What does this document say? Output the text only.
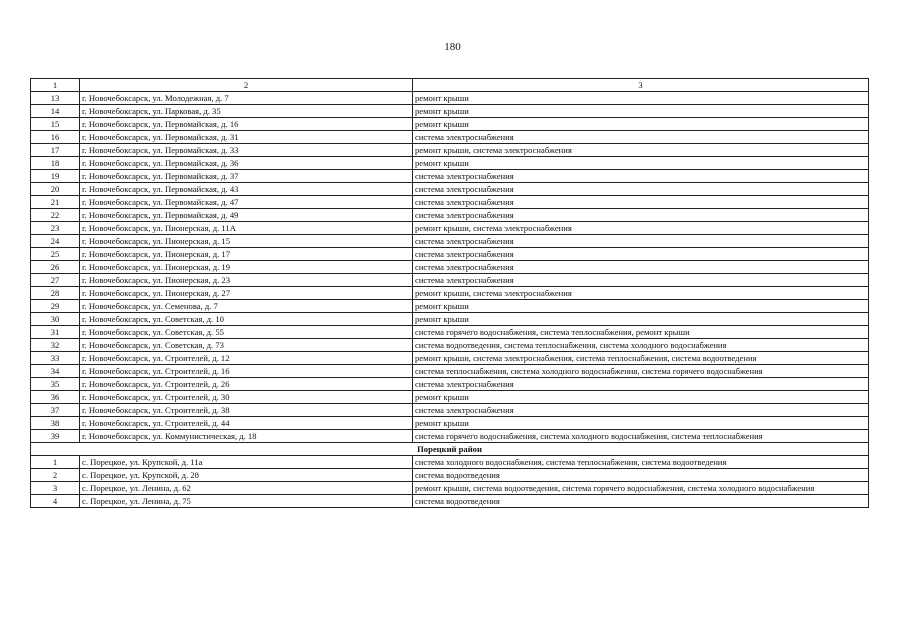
180
1	2	3
13	г. Новочебоксарск, ул. Молодежная, д. 7	ремонт крыши
14	г. Новочебоксарск, ул. Парковая, д. 35	ремонт крыши
15	г. Новочебоксарск, ул. Первомайская, д. 16	ремонт крыши
16	г. Новочебоксарск, ул. Первомайская, д. 31	система электроснабжения
17	г. Новочебоксарск, ул. Первомайская, д. 33	ремонт крыши, система электроснабжения
18	г. Новочебоксарск, ул. Первомайская, д. 36	ремонт крыши
19	г. Новочебоксарск, ул. Первомайская, д. 37	система электроснабжения
20	г. Новочебоксарск, ул. Первомайская, д. 43	система электроснабжения
21	г. Новочебоксарск, ул. Первомайская, д. 47	система электроснабжения
22	г. Новочебоксарск, ул. Первомайская, д. 49	система электроснабжения
23	г. Новочебоксарск, ул. Пионерская, д. 11А	ремонт крыши, система электроснабжения
24	г. Новочебоксарск, ул. Пионерская, д. 15	система электроснабжения
25	г. Новочебоксарск, ул. Пионерская, д. 17	система электроснабжения
26	г. Новочебоксарск, ул. Пионерская, д. 19	система электроснабжения
27	г. Новочебоксарск, ул. Пионерская, д. 23	система электроснабжения
28	г. Новочебоксарск, ул. Пионерская, д. 27	ремонт крыши, система электроснабжения
29	г. Новочебоксарск, ул. Семенова, д. 7	ремонт крыши
30	г. Новочебоксарск, ул. Советская, д. 10	ремонт крыши
31	г. Новочебоксарск, ул. Советская, д. 55	система горячего водоснабжения, система теплоснабжения, ремонт крыши
32	г. Новочебоксарск, ул. Советская, д. 73	система водоотведения, система теплоснабжения, система холодного водоснабжения
33	г. Новочебоксарск, ул. Строителей, д. 12	ремонт крыши, система электроснабжения, система теплоснабжения, система водоотведения
34	г. Новочебоксарск, ул. Строителей, д. 16	система теплоснабжения, система холодного водоснабжения, система горячего водоснабжения
35	г. Новочебоксарск, ул. Строителей, д. 26	система электроснабжения
36	г. Новочебоксарск, ул. Строителей, д. 30	ремонт крыши
37	г. Новочебоксарск, ул. Строителей, д. 38	система электроснабжения
38	г. Новочебоксарск, ул. Строителей, д. 44	ремонт крыши
39	г. Новочебоксарск, ул. Коммунистическая, д. 18	система горячего водоснабжения, система холодного водоснабжения, система теплоснабжения
Порецкий район		
1	с. Порецкое, ул. Крупской, д. 11а	система холодного водоснабжения, система теплоснабжения, система водоотведения
2	с. Порецкое, ул. Крупской, д. 28	система водоотведения
3	с. Порецкое, ул. Ленина, д. 62	ремонт крыши, система водоотведения, система горячего водоснабжения, система холодного водоснабжения
4	с. Порецкое, ул. Ленина, д. 75	система водоотведения
